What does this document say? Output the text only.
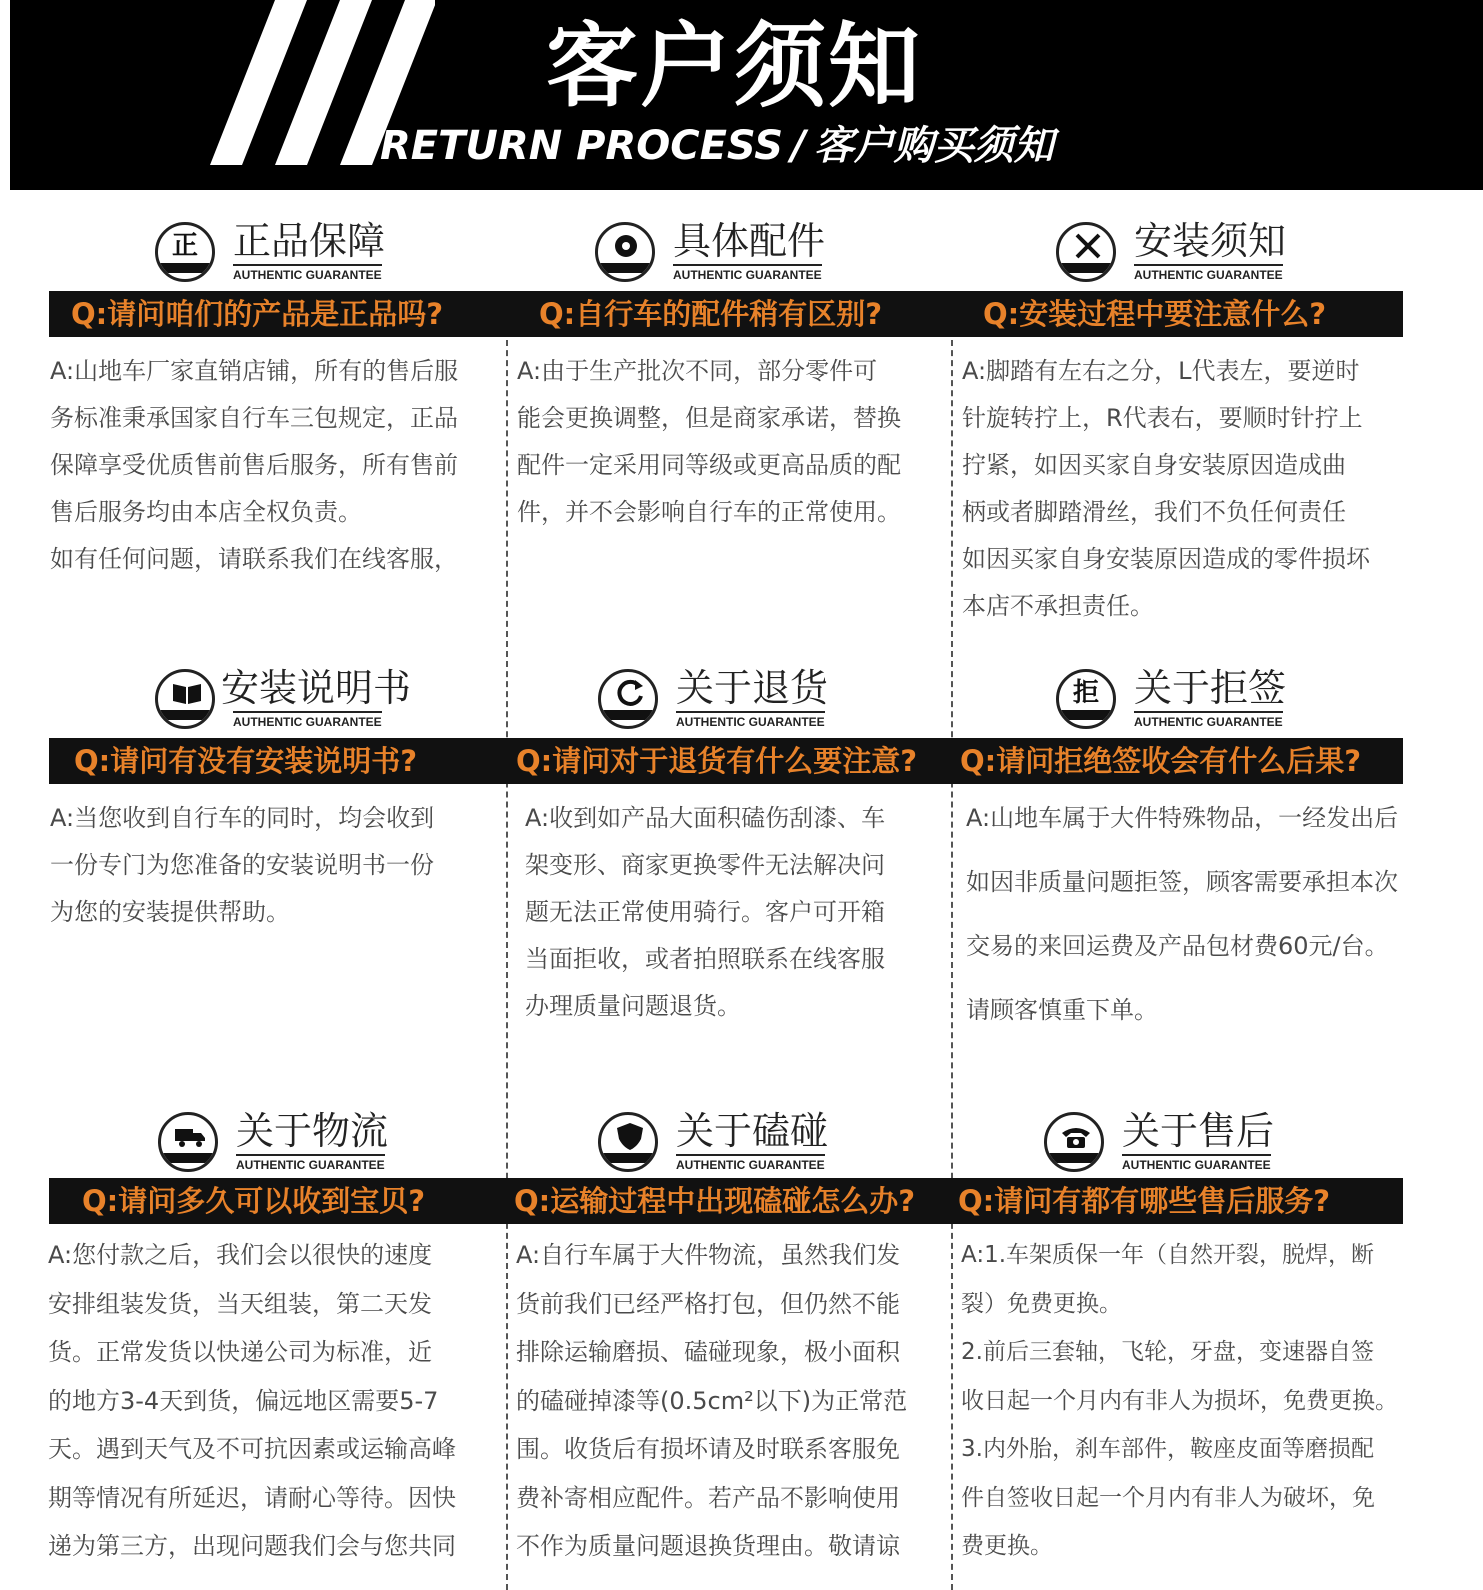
客户须知
RETURN PROCESS / 客户购买须知
正 正品保障
AUTHENTIC GUARANTEE
具体配件
AUTHENTIC GUARANTEE
安装须知
AUTHENTIC GUARANTEE
Q:请问咱们的产品是正品吗?	Q:自行车的配件稍有区别?	Q:安装过程中要注意什么?
A:山地车厂家直销店铺，所有的售后服
务标准秉承国家自行车三包规定，正品
保障享受优质售前售后服务，所有售前
售后服务均由本店全权负责。
如有任何问题，请联系我们在线客服，
A:由于生产批次不同，部分零件可
能会更换调整，但是商家承诺，替换
配件一定采用同等级或更高品质的配
件，并不会影响自行车的正常使用。
A:脚踏有左右之分，L代表左，要逆时
针旋转拧上，R代表右，要顺时针拧上
拧紧，如因买家自身安装原因造成曲
柄或者脚踏滑丝，我们不负任何责任
如因买家自身安装原因造成的零件损坏
本店不承担责任。
安装说明书
AUTHENTIC GUARANTEE
关于退货
AUTHENTIC GUARANTEE
拒 关于拒签
AUTHENTIC GUARANTEE
Q:请问有没有安装说明书?	Q:请问对于退货有什么要注意? Q:请问拒绝签收会有什么后果?
A:当您收到自行车的同时，均会收到
一份专门为您准备的安装说明书一份
为您的安装提供帮助。
A:收到如产品大面积磕伤刮漆、车
架变形、商家更换零件无法解决问
题无法正常使用骑行。客户可开箱
当面拒收，或者拍照联系在线客服
办理质量问题退货。
A:山地车属于大件特殊物品，一经发出后
如因非质量问题拒签，顾客需要承担本次
交易的来回运费及产品包材费60元/台。
请顾客慎重下单。
关于物流
AUTHENTIC GUARANTEE
关于磕碰
AUTHENTIC GUARANTEE
关于售后
AUTHENTIC GUARANTEE
Q:请问多久可以收到宝贝?	Q:运输过程中出现磕碰怎么办? Q:请问有都有哪些售后服务?
A:您付款之后，我们会以很快的速度
安排组装发货，当天组装，第二天发
货。正常发货以快递公司为标准，近
的地方3-4天到货，偏远地区需要5-7
天。遇到天气及不可抗因素或运输高峰
期等情况有所延迟，请耐心等待。因快
递为第三方，出现问题我们会与您共同
A:自行车属于大件物流，虽然我们发
货前我们已经严格打包，但仍然不能
排除运输磨损、磕碰现象，极小面积
的磕碰掉漆等(0.5cm²以下)为正常范
围。收货后有损坏请及时联系客服免
费补寄相应配件。若产品不影响使用
不作为质量问题退换货理由。敬请谅
A:1.车架质保一年（自然开裂，脱焊，断
裂）免费更换。
2.前后三套轴，飞轮，牙盘，变速器自签
收日起一个月内有非人为损坏，免费更换。
3.内外胎，刹车部件，鞍座皮面等磨损配
件自签收日起一个月内有非人为破坏，免
费更换。
